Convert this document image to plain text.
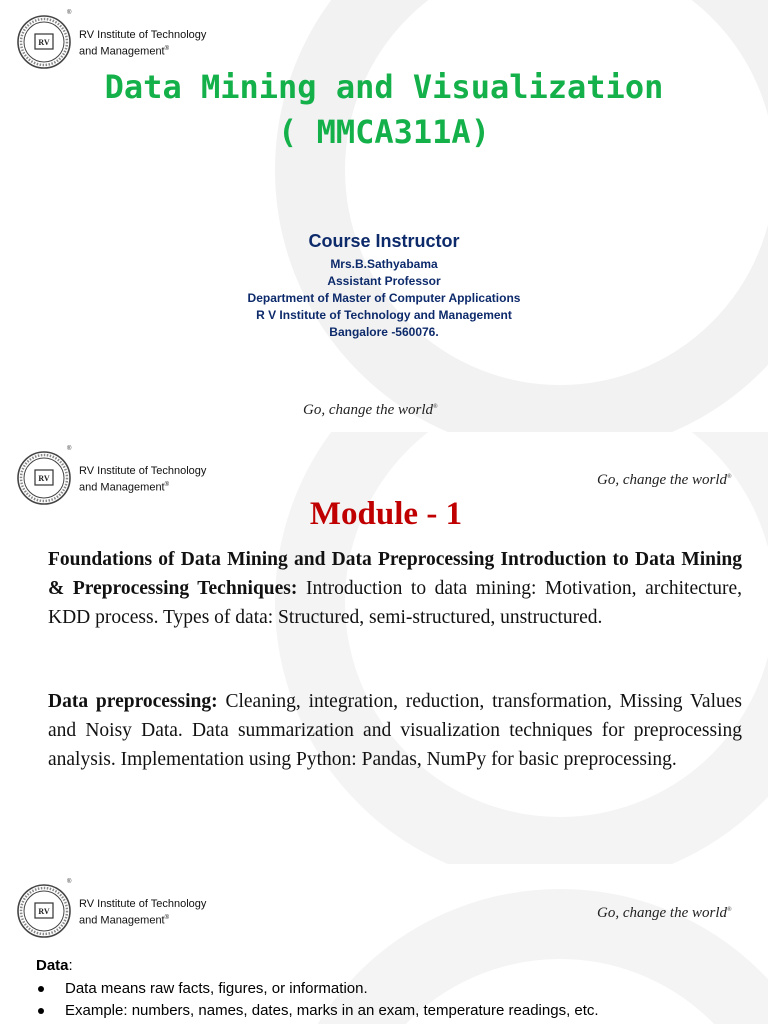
RV
®
RV Institute of Technology
and Management®
Data Mining and Visualization
( MMCA311A)
Course Instructor
Mrs.B.Sathyabama
Assistant Professor
Department of Master of Computer Applications
R V Institute of Technology and Management
Bangalore -560076.
Go, change the world®
RV
®
RV Institute of Technology
and Management®	Go, change the world®
Module - 1

Foundations of Data Mining and Data Preprocessing Introduction to Data Mining & Preprocessing Techniques: Introduction to data mining: Motivation, architecture, KDD process. Types of data: Structured, semi-structured, unstructured.

Data preprocessing: Cleaning, integration, reduction, transformation, Missing Values and Noisy Data. Data summarization and visualization techniques for preprocessing analysis. Implementation using Python: Pandas, NumPy for basic preprocessing.

RV
®
RV Institute of Technology
and Management®	Go, change the world®
Data:
Data means raw facts, figures, or information.
Example: numbers, names, dates, marks in an exam, temperature readings, etc.
